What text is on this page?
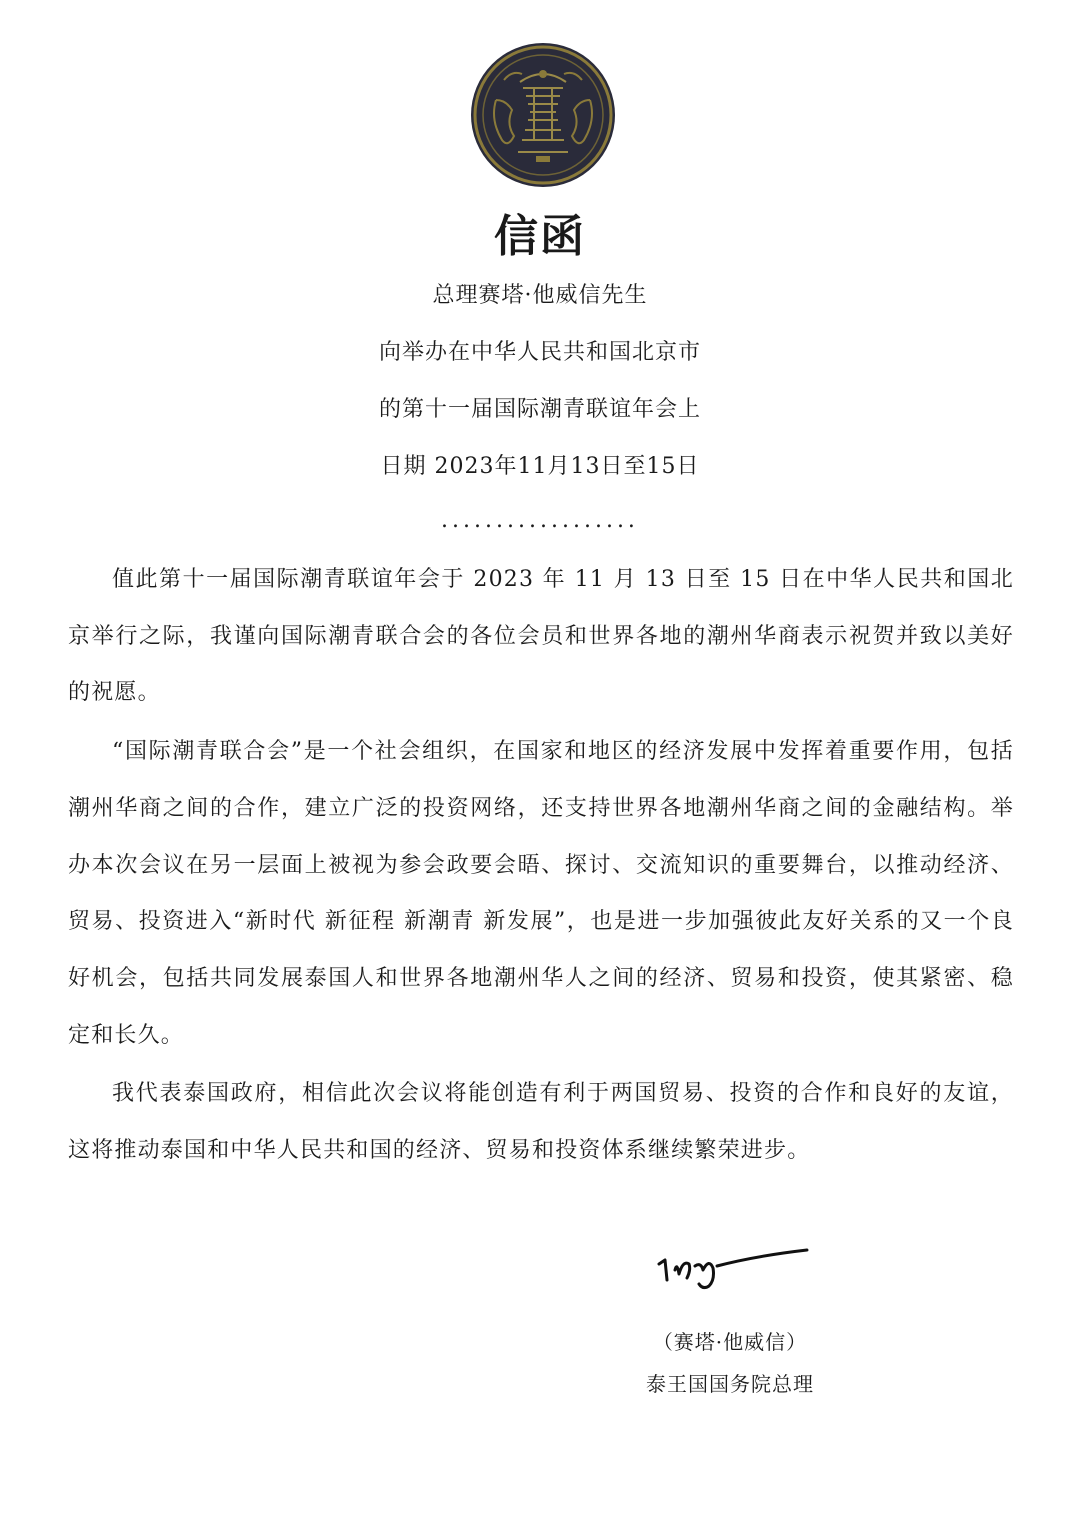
信函
总理赛塔·他威信先生
向举办在中华人民共和国北京市
的第十一届国际潮青联谊年会上
日期 2023年11月13日至15日
..................

值此第十一届国际潮青联谊年会于 2023 年 11 月 13 日至 15 日在中华人民共和国北京举行之际，我谨向国际潮青联合会的各位会员和世界各地的潮州华商表示祝贺并致以美好的祝愿。

“国际潮青联合会”是一个社会组织，在国家和地区的经济发展中发挥着重要作用，包括潮州华商之间的合作，建立广泛的投资网络，还支持世界各地潮州华商之间的金融结构。举办本次会议在另一层面上被视为参会政要会晤、探讨、交流知识的重要舞台，以推动经济、贸易、投资进入“新时代 新征程 新潮青 新发展”，也是进一步加强彼此友好关系的又一个良好机会，包括共同发展泰国人和世界各地潮州华人之间的经济、贸易和投资，使其紧密、稳定和长久。

我代表泰国政府，相信此次会议将能创造有利于两国贸易、投资的合作和良好的友谊，这将推动泰国和中华人民共和国的经济、贸易和投资体系继续繁荣进步。

（赛塔·他威信）
泰王国国务院总理
